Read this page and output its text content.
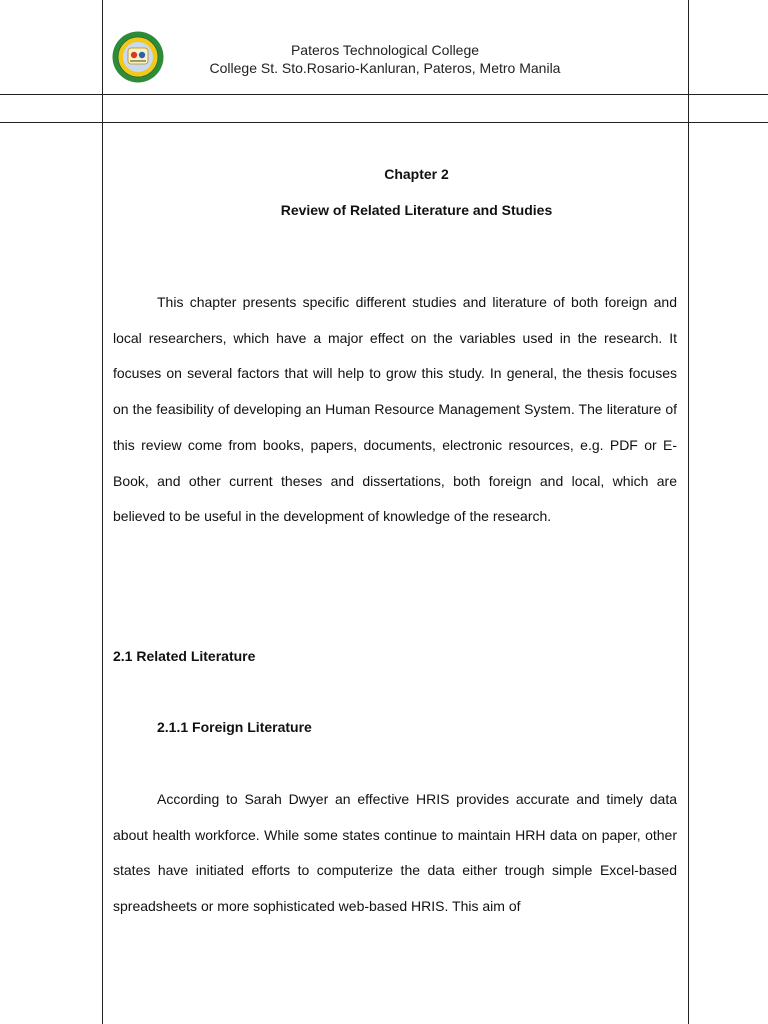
Pateros Technological College
College St. Sto.Rosario-Kanluran, Pateros, Metro Manila
Chapter 2
Review of Related Literature and Studies

This chapter presents specific different studies and literature of both foreign and local researchers, which have a major effect on the variables used in the research. It focuses on several factors that will help to grow this study. In general, the thesis focuses on the feasibility of developing an Human Resource Management System. The literature of this review come from books, papers, documents, electronic resources, e.g. PDF or E-Book, and other current theses and dissertations, both foreign and local, which are believed to be useful in the development of knowledge of the research.

2.1 Related Literature
2.1.1 Foreign Literature

According to Sarah Dwyer an effective HRIS provides accurate and timely data about health workforce. While some states continue to maintain HRH data on paper, other states have initiated efforts to computerize the data either trough simple Excel-based spreadsheets or more sophisticated web-based HRIS. This aim of
